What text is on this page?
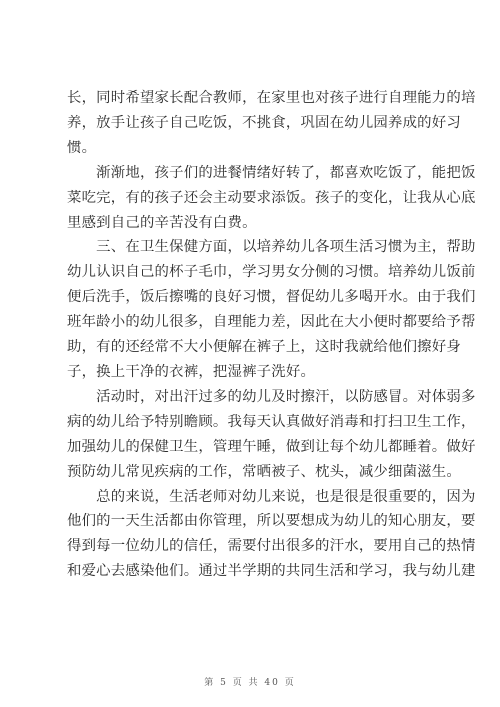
长，同时希望家长配合教师，在家里也对孩子进行自理能力的培
养，放手让孩子自己吃饭，不挑食，巩固在幼儿园养成的好习
惯。

　　渐渐地，孩子们的进餐情绪好转了，都喜欢吃饭了，能把饭
菜吃完，有的孩子还会主动要求添饭。孩子的变化，让我从心底
里感到自己的辛苦没有白费。

　　三、在卫生保健方面，以培养幼儿各项生活习惯为主，帮助
幼儿认识自己的杯子毛巾，学习男女分侧的习惯。培养幼儿饭前
便后洗手，饭后擦嘴的良好习惯，督促幼儿多喝开水。由于我们
班年龄小的幼儿很多，自理能力差，因此在大小便时都要给予帮
助，有的还经常不大小便解在裤子上，这时我就给他们擦好身
子，换上干净的衣裤，把湿裤子洗好。

　　活动时，对出汗过多的幼儿及时擦汗，以防感冒。对体弱多
病的幼儿给予特别瞻顾。我每天认真做好消毒和打扫卫生工作，
加强幼儿的保健卫生，管理午睡，做到让每个幼儿都睡着。做好
预防幼儿常见疾病的工作，常晒被子、枕头，减少细菌滋生。

　　总的来说，生活老师对幼儿来说，也是很是很重要的，因为
他们的一天生活都由你管理，所以要想成为幼儿的知心朋友，要
得到每一位幼儿的信任，需要付出很多的汗水，要用自己的热情
和爱心去感染他们。通过半学期的共同生活和学习，我与幼儿建

第 5 页 共 40 页
